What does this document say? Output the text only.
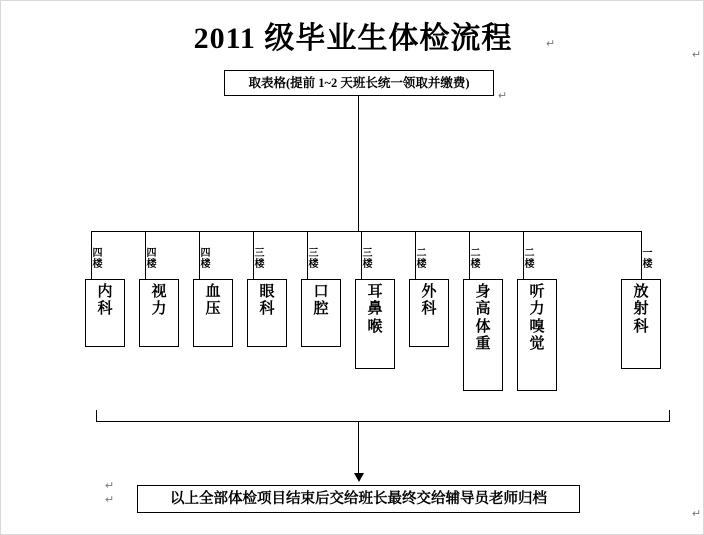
2011 级毕业生体检流程	↵
↵
↵
↵
↵
↵
取表格(提前 1~2 天班长统一领取并缴费)
四
楼
四
楼
四
楼
三
楼
三
楼
三
楼
二
楼
二
楼
二
楼
一
楼
内
科
视
力
血
压
眼
科
口
腔
耳
鼻
喉
外
科
身
高
体
重
听
力
嗅
觉
放
射
科
以上全部体检项目结束后交给班长最终交给辅导员老师归档
